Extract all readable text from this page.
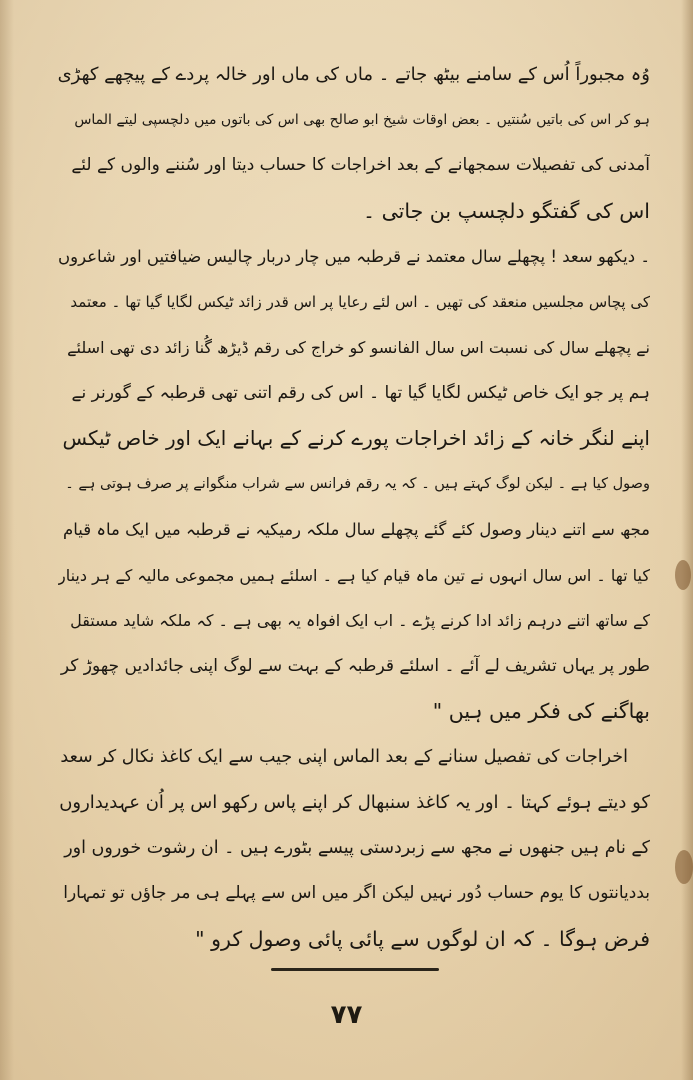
وُہ مجبوراً اُس کے سامنے بیٹھ جاتے ۔ ماں کی ماں اور خالہ پردے کے پیچھے کھڑی
ہو کر اس کی باتیں سُنتیں ۔ بعض اوقات شیخ ابو صالح بھی اس کی باتوں میں دلچسپی لیتے الماس
آمدنی کی تفصیلات سمجھانے کے بعد اخراجات کا حساب دیتا اور سُننے والوں کے لئے
اس کی گفتگو دلچسپ بن جاتی ۔
۔ دیکھو سعد ! پچھلے سال معتمد نے قرطبہ میں چار دربار چالیس ضیافتیں اور شاعروں
کی پچاس مجلسیں منعقد کی تھیں ۔ اس لئے رعایا پر اس قدر زائد ٹیکس لگایا گیا تھا ۔ معتمد
نے پچھلے سال کی نسبت اس سال الفانسو کو خراج کی رقم ڈیڑھ گُنا زائد دی تھی اسلئے
ہم پر جو ایک خاص ٹیکس لگایا گیا تھا ۔ اس کی رقم اتنی تھی قرطبہ کے گورنر نے
اپنے لنگر خانہ کے زائد اخراجات پورے کرنے کے بہانے ایک اور خاص ٹیکس
وصول کیا ہے ۔ لیکن لوگ کہتے ہیں ۔ کہ یہ رقم فرانس سے شراب منگوانے پر صرف ہوتی ہے ۔
مجھ سے اتنے دینار وصول کئے گئے پچھلے سال ملکہ رمیکیہ نے قرطبہ میں ایک ماہ قیام
کیا تھا ۔ اس سال انہوں نے تین ماہ قیام کیا ہے ۔ اسلئے ہمیں مجموعی مالیہ کے ہر دینار
کے ساتھ اتنے درہم زائد ادا کرنے پڑے ۔ اب ایک افواہ یہ بھی ہے ۔ کہ ملکہ شاید مستقل
طور پر یہاں تشریف لے آئے ۔ اسلئے قرطبہ کے بہت سے لوگ اپنی جائدادیں چھوڑ کر
بھاگنے کی فکر میں ہیں "
اخراجات کی تفصیل سنانے کے بعد الماس اپنی جیب سے ایک کاغذ نکال کر سعد
کو دیتے ہوئے کہتا ۔ اور یہ کاغذ سنبھال کر اپنے پاس رکھو اس پر اُن عہدیداروں
کے نام ہیں جنھوں نے مجھ سے زبردستی پیسے بٹورے ہیں ۔ ان رشوت خوروں اور
بددیانتوں کا یوم حساب دُور نہیں لیکن اگر میں اس سے پہلے ہی مر جاؤں تو تمہارا
فرض ہوگا ۔ کہ ان لوگوں سے پائی پائی وصول کرو "
۷۷
